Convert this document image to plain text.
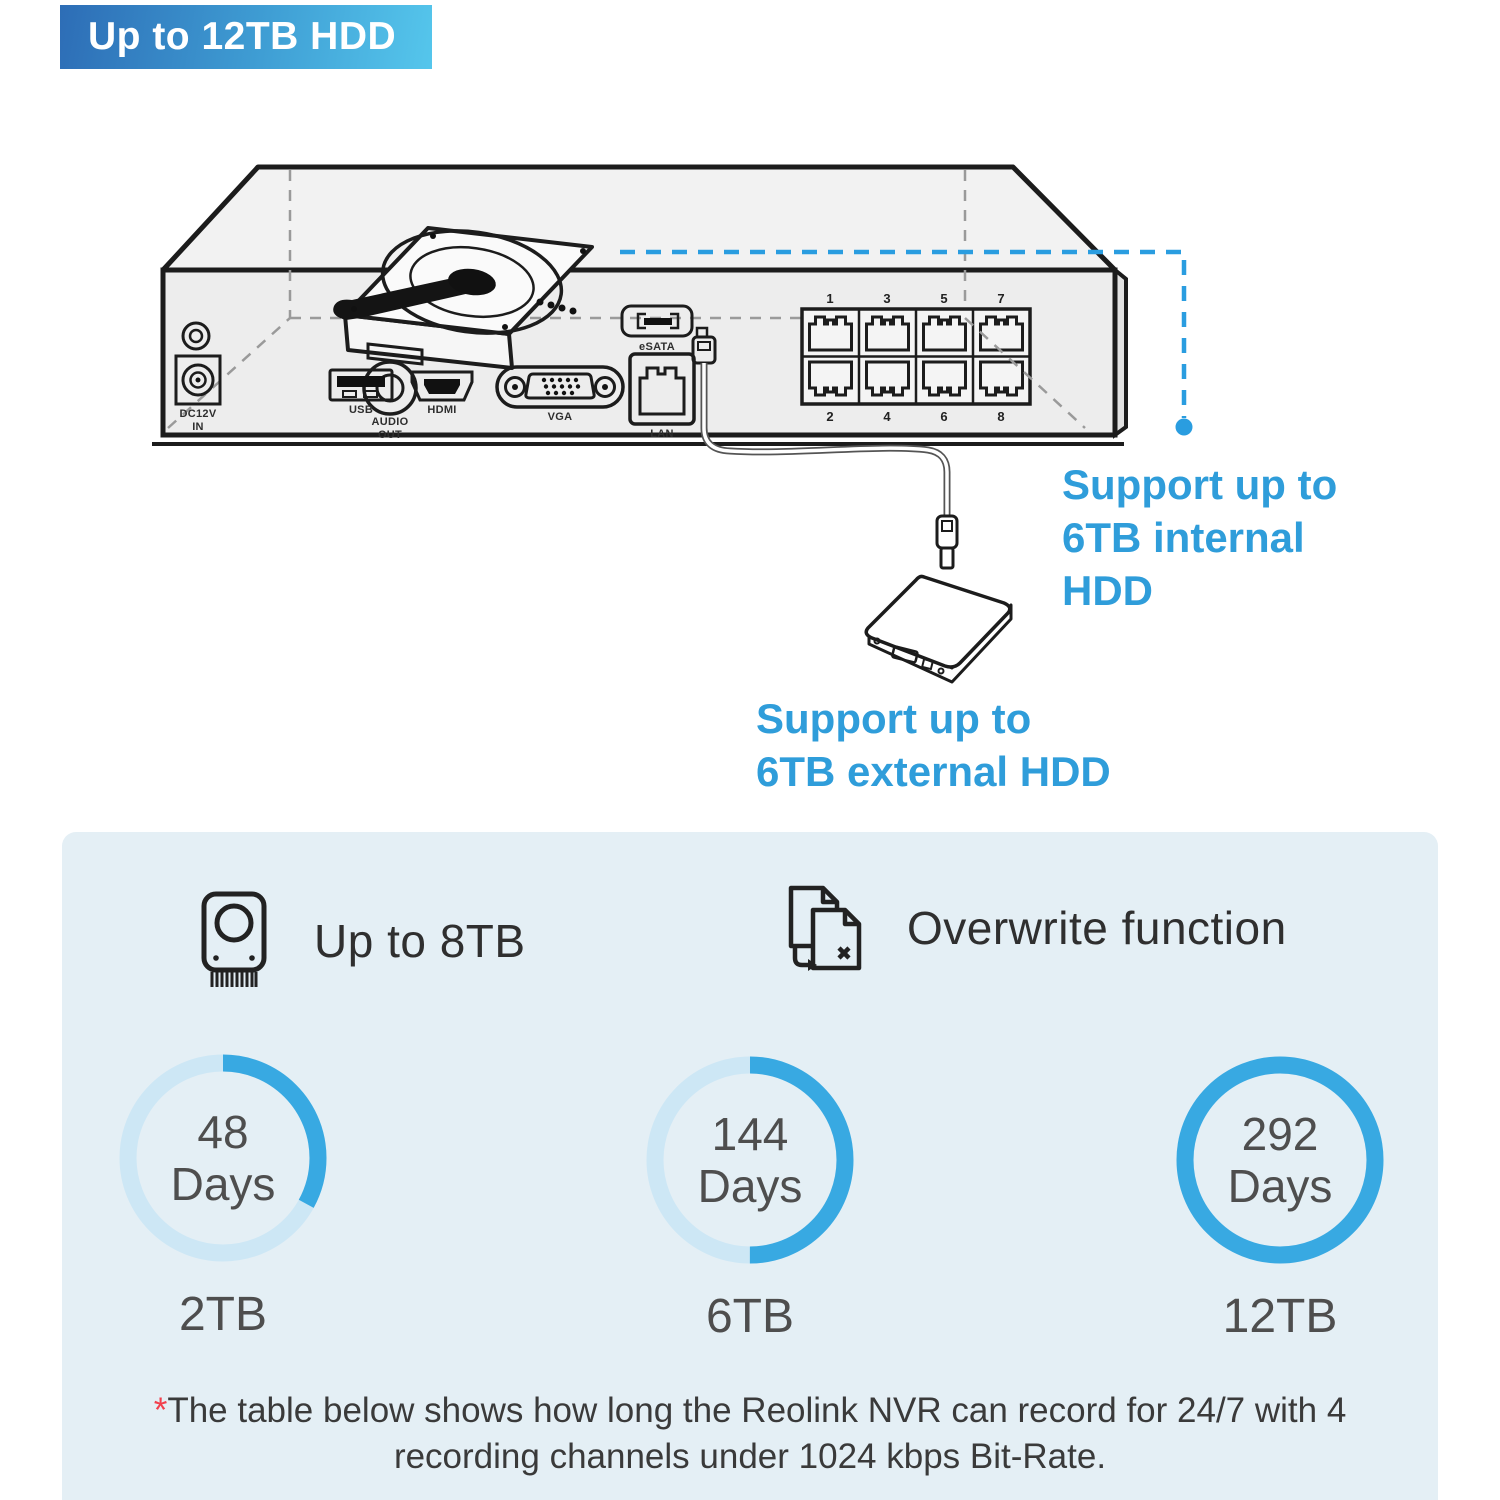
Up to 12TB HDD
DC12V
IN	AUDIO
OUT
USB	HDMI
VGA
eSATA
LAN
1	3	5	7
2	4	6	8
Support up to
6TB internal
HDD
Support up to
6TB external HDD
Up to 8TB	Overwrite function
48
Days
2TB
144
Days
6TB
292
Days
12TB
*The table below shows how long the Reolink NVR can record for 24/7 with 4
recording channels under 1024 kbps Bit-Rate.
